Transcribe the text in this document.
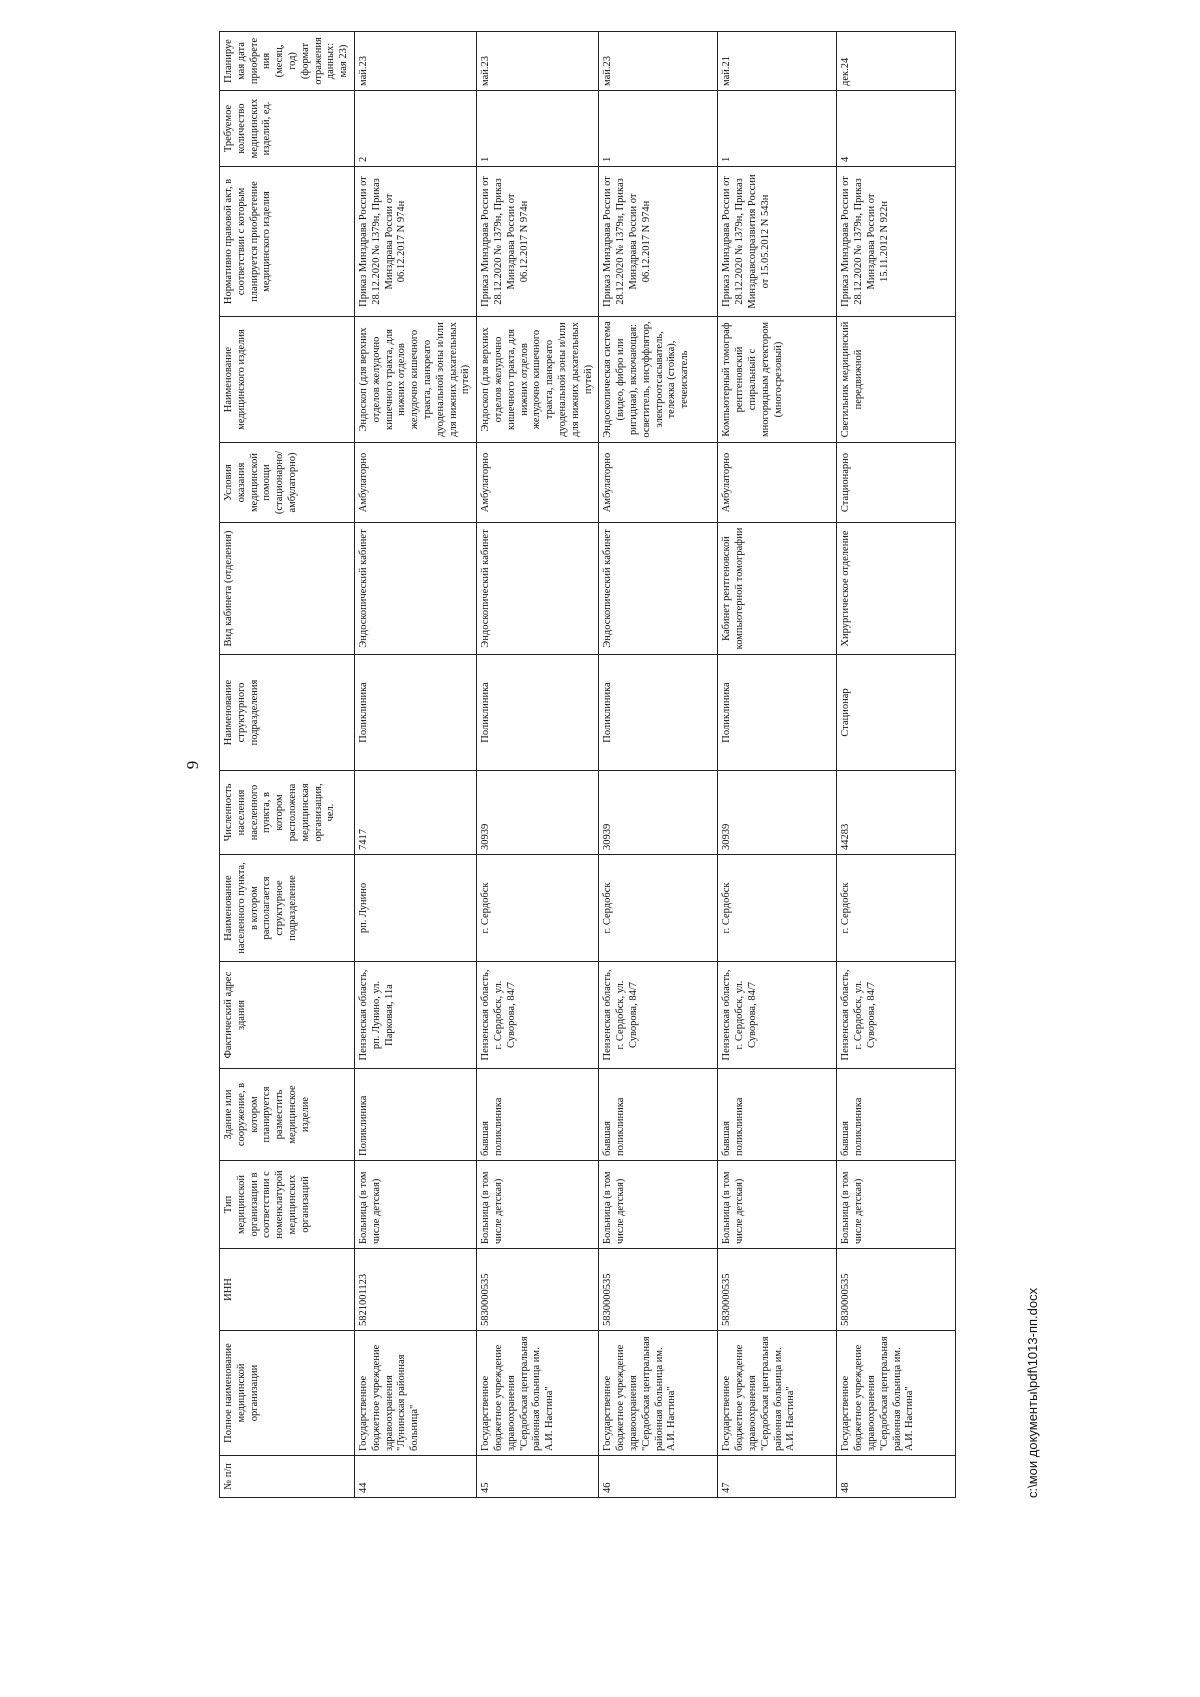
9
№ п/п	Полное наименование медицинской организации	ИНН	Тип медицинской организации в соответствии с номенклатурой медицинских организаций	Здание или сооружение, в котором планируется разместить медицинское изделие	Фактический адрес здания	Наименование населенного пункта, в котором располагается структурное подразделение	Численность населения населенного пункта, в котором расположена медицинская организация, чел.	Наименование структурного подразделения	Вид кабинета (отделения)	Условия оказания медицинской помощи (стационарно/ амбулаторно)	Наименование медицинского изделия	Нормативно правовой акт, в соответствии с которым планируется приобретение медицинского изделия	Требуемое количество медицинских изделий, ед.	Планируемая дата приобретения (месяц, год) (формат отражения данных: мая 23)
44	Государственное бюджетное учреждение здравоохранения "Лунинская районная больница"	5821001123	Больница (в том числе детская)	Поликлиника	Пензенская область, рп. Лунино, ул. Парковая, 11а	рп. Лунино	7417	Поликлиника	Эндоскопический кабинет	Амбулаторно	Эндоскоп (для верхних отделов желудочно кишечного тракта, для нижних отделов желудочно кишечного тракта, панкреато дуоденальной зоны и/или для нижних дыхательных путей)	Приказ Минздрава России от 28.12.2020 № 1379н, Приказ Минздрава России от 06.12.2017 N 974н	2	май.23
45	Государственное бюджетное учреждение здравоохранения "Сердобская центральная районная больница им. А.И. Настина"	5830000535	Больница (в том числе детская)	бывшая поликлиника	Пензенская область, г. Сердобск, ул. Суворова, 84/7	г. Сердобск	30939	Поликлиника	Эндоскопический кабинет	Амбулаторно	Эндоскоп (для верхних отделов желудочно кишечного тракта, для нижних отделов желудочно кишечного тракта, панкреато дуоденальной зоны и/или для нижних дыхательных путей)	Приказ Минздрава России от 28.12.2020 № 1379н, Приказ Минздрава России от 06.12.2017 N 974н	1	май.23
46	Государственное бюджетное учреждение здравоохранения "Сердобская центральная районная больница им. А.И. Настина"	5830000535	Больница (в том числе детская)	бывшая поликлиника	Пензенская область, г. Сердобск, ул. Суворова, 84/7	г. Сердобск	30939	Поликлиника	Эндоскопический кабинет	Амбулаторно	Эндоскопическая система (видео, фибро или ригидная), включающая: осветитель, инсуффлятор, электроотсасыватель, тележка (стойка), течеискатель	Приказ Минздрава России от 28.12.2020 № 1379н, Приказ Минздрава России от 06.12.2017 N 974н	1	май.23
47	Государственное бюджетное учреждение здравоохранения "Сердобская центральная районная больница им. А.И. Настина"	5830000535	Больница (в том числе детская)	бывшая поликлиника	Пензенская область, г. Сердобск, ул. Суворова, 84/7	г. Сердобск	30939	Поликлиника	Кабинет рентгеновской компьютерной томографии	Амбулаторно	Компьютерный томограф рентгеновский спиральный с многорядным детектором (многосрезовый)	Приказ Минздрава России от 28.12.2020 № 1379н, Приказ Минздравсоцразвития России от 15.05.2012 N 543н	1	май.21
48	Государственное бюджетное учреждение здравоохранения "Сердобская центральная районная больница им. А.И. Настина"	5830000535	Больница (в том числе детская)	бывшая поликлиника	Пензенская область, г. Сердобск, ул. Суворова, 84/7	г. Сердобск	44283	Стационар	Хирургическое отделение	Стационарно	Светильник медицинский передвижной	Приказ Минздрава России от 28.12.2020 № 1379н, Приказ Минздрава России от 15.11.2012 N 922н	4	дек.24
c:\мои документы\pdf\1013-пп.docx
